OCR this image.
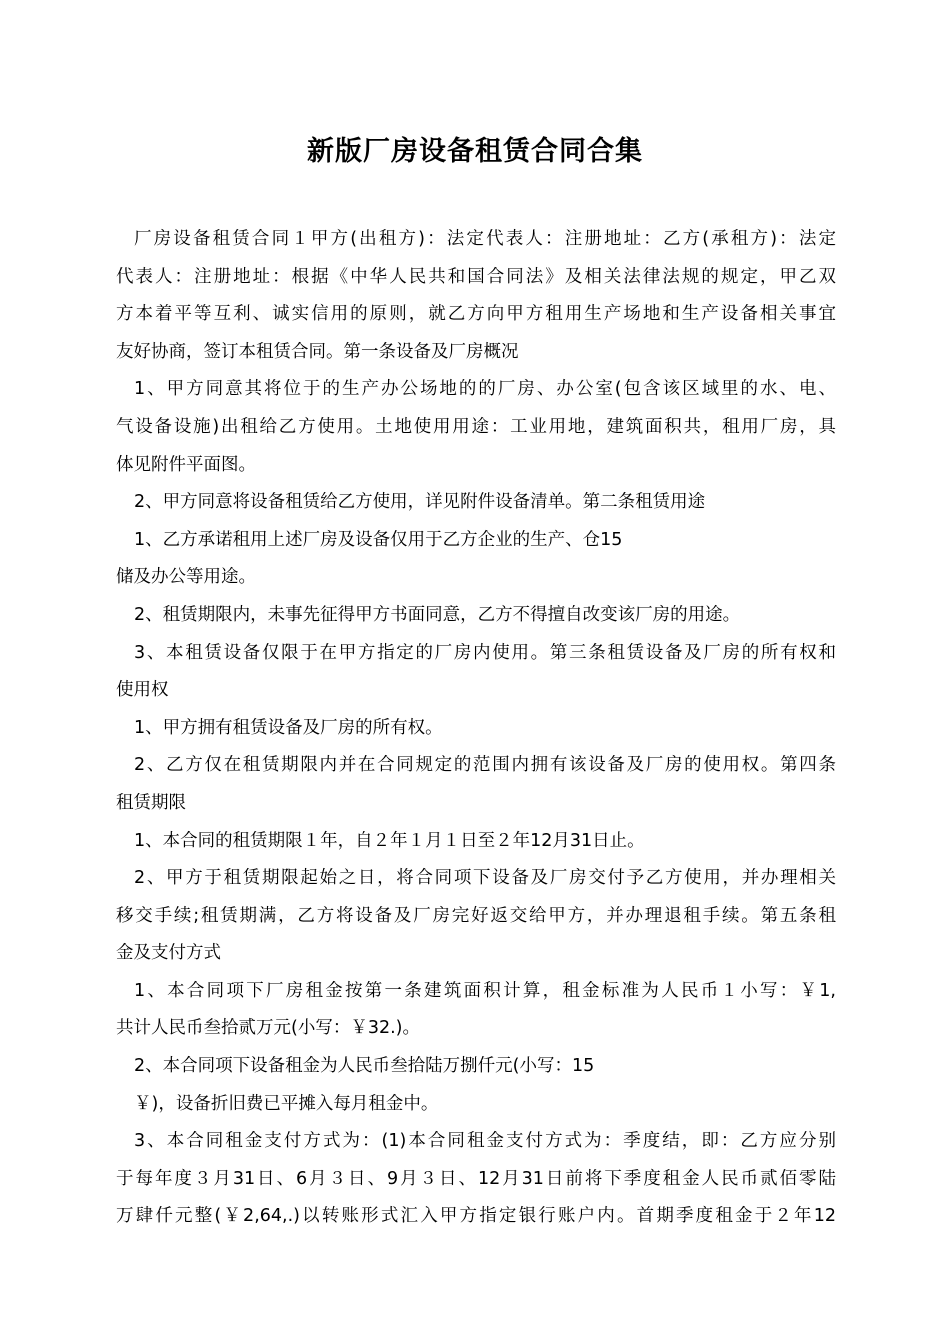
新版厂房设备租赁合同合集
厂房设备租赁合同１甲方(出租方)：法定代表人：注册地址：乙方(承租方)：法定
代表人：注册地址：根据《中华人民共和国合同法》及相关法律法规的规定，甲乙双
方本着平等互利、诚实信用的原则，就乙方向甲方租用生产场地和生产设备相关事宜
友好协商，签订本租赁合同。第一条设备及厂房概况
1、甲方同意其将位于的生产办公场地的的厂房、办公室(包含该区域里的水、电、
气设备设施)出租给乙方使用。土地使用用途：工业用地，建筑面积共，租用厂房，具
体见附件平面图。
2、甲方同意将设备租赁给乙方使用，详见附件设备清单。第二条租赁用途
1、乙方承诺租用上述厂房及设备仅用于乙方企业的生产、仓15
储及办公等用途。
2、租赁期限内，未事先征得甲方书面同意，乙方不得擅自改变该厂房的用途。
3、本租赁设备仅限于在甲方指定的厂房内使用。第三条租赁设备及厂房的所有权和
使用权
1、甲方拥有租赁设备及厂房的所有权。
2、乙方仅在租赁期限内并在合同规定的范围内拥有该设备及厂房的使用权。第四条
租赁期限
1、本合同的租赁期限１年，自２年１月１日至２年12月31日止。
2、甲方于租赁期限起始之日，将合同项下设备及厂房交付予乙方使用，并办理相关
移交手续;租赁期满，乙方将设备及厂房完好返交给甲方，并办理退租手续。第五条租
金及支付方式
1、本合同项下厂房租金按第一条建筑面积计算，租金标准为人民币１小写：￥1,
共计人民币叁拾贰万元(小写：￥32.)。
2、本合同项下设备租金为人民币叁拾陆万捌仟元(小写：15
￥)，设备折旧费已平摊入每月租金中。
3、本合同租金支付方式为：(1)本合同租金支付方式为：季度结，即：乙方应分别
于每年度３月31日、6月３日、9月３日、12月31日前将下季度租金人民币贰佰零陆
万肆仟元整(￥2,64,.)以转账形式汇入甲方指定银行账户内。首期季度租金于２年12
